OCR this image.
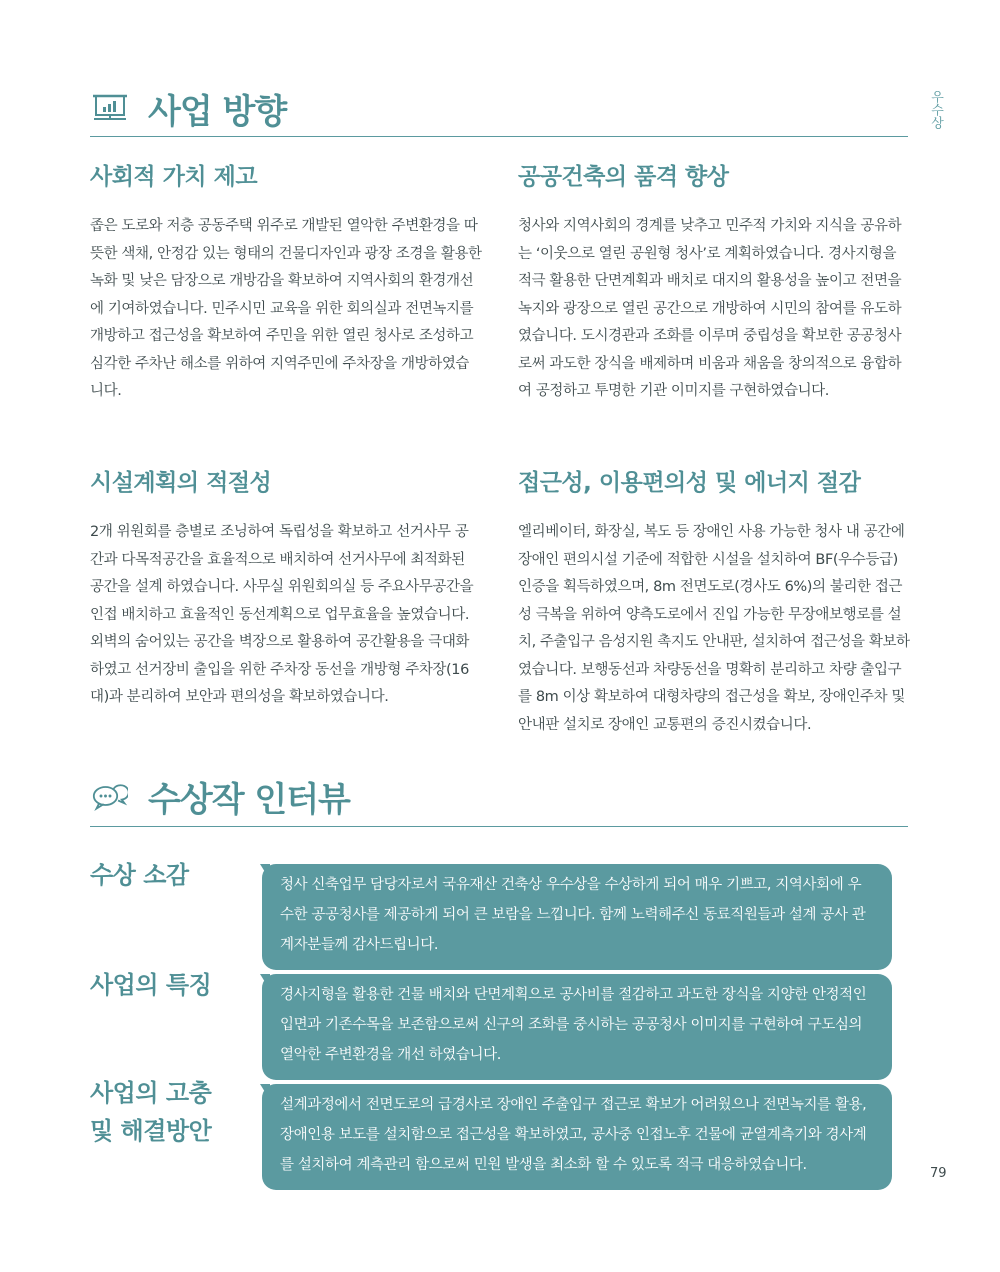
우수상
사업 방향
사회적 가치 제고

좁은 도로와 저층 공동주택 위주로 개발된 열악한 주변환경을 따뜻한 색채, 안정감 있는 형태의 건물디자인과 광장 조경을 활용한 녹화 및 낮은 담장으로 개방감을 확보하여 지역사회의 환경개선에 기여하였습니다. 민주시민 교육을 위한 회의실과 전면녹지를 개방하고 접근성을 확보하여 주민을 위한 열린 청사로 조성하고 심각한 주차난 해소를 위하여 지역주민에 주차장을 개방하였습니다.

공공건축의 품격 향상

청사와 지역사회의 경계를 낮추고 민주적 가치와 지식을 공유하는 ‘이웃으로 열린 공원형 청사’로 계획하였습니다. 경사지형을 적극 활용한 단면계획과 배치로 대지의 활용성을 높이고 전면을 녹지와 광장으로 열린 공간으로 개방하여 시민의 참여를 유도하였습니다. 도시경관과 조화를 이루며 중립성을 확보한 공공청사로써 과도한 장식을 배제하며 비움과 채움을 창의적으로 융합하여 공정하고 투명한 기관 이미지를 구현하였습니다.

시설계획의 적절성

2개 위원회를 층별로 조닝하여 독립성을 확보하고 선거사무 공간과 다목적공간을 효율적으로 배치하여 선거사무에 최적화된 공간을 설계 하였습니다. 사무실 위원회의실 등 주요사무공간을 인접 배치하고 효율적인 동선계획으로 업무효율을 높였습니다. 외벽의 숨어있는 공간을 벽장으로 활용하여 공간활용을 극대화하였고 선거장비 출입을 위한 주차장 동선을 개방형 주차장(16대)과 분리하여 보안과 편의성을 확보하였습니다.

접근성, 이용편의성 및 에너지 절감

엘리베이터, 화장실, 복도 등 장애인 사용 가능한 청사 내 공간에 장애인 편의시설 기준에 적합한 시설을 설치하여 BF(우수등급) 인증을 획득하였으며, 8m 전면도로(경사도 6%)의 불리한 접근성 극복을 위하여 양측도로에서 진입 가능한 무장애보행로를 설치, 주출입구 음성지원 촉지도 안내판, 설치하여 접근성을 확보하였습니다. 보행동선과 차량동선을 명확히 분리하고 차량 출입구를 8m 이상 확보하여 대형차량의 접근성을 확보, 장애인주차 및 안내판 설치로 장애인 교통편의 증진시켰습니다.

수상작 인터뷰
수상 소감	청사 신축업무 담당자로서 국유재산 건축상 우수상을 수상하게 되어 매우 기쁘고, 지역사회에 우수한 공공청사를 제공하게 되어 큰 보람을 느낍니다. 함께 노력해주신 동료직원들과 설계 공사 관계자분들께 감사드립니다.
사업의 특징	경사지형을 활용한 건물 배치와 단면계획으로 공사비를 절감하고 과도한 장식을 지양한 안정적인 입면과 기존수목을 보존함으로써 신구의 조화를 중시하는 공공청사 이미지를 구현하여 구도심의 열악한 주변환경을 개선 하였습니다.
사업의 고충
및 해결방안
설계과정에서 전면도로의 급경사로 장애인 주출입구 접근로 확보가 어려웠으나 전면녹지를 활용, 장애인용 보도를 설치함으로 접근성을 확보하였고, 공사중 인접노후 건물에 균열계측기와 경사계를 설치하여 계측관리 함으로써 민원 발생을 최소화 할 수 있도록 적극 대응하였습니다.
79
